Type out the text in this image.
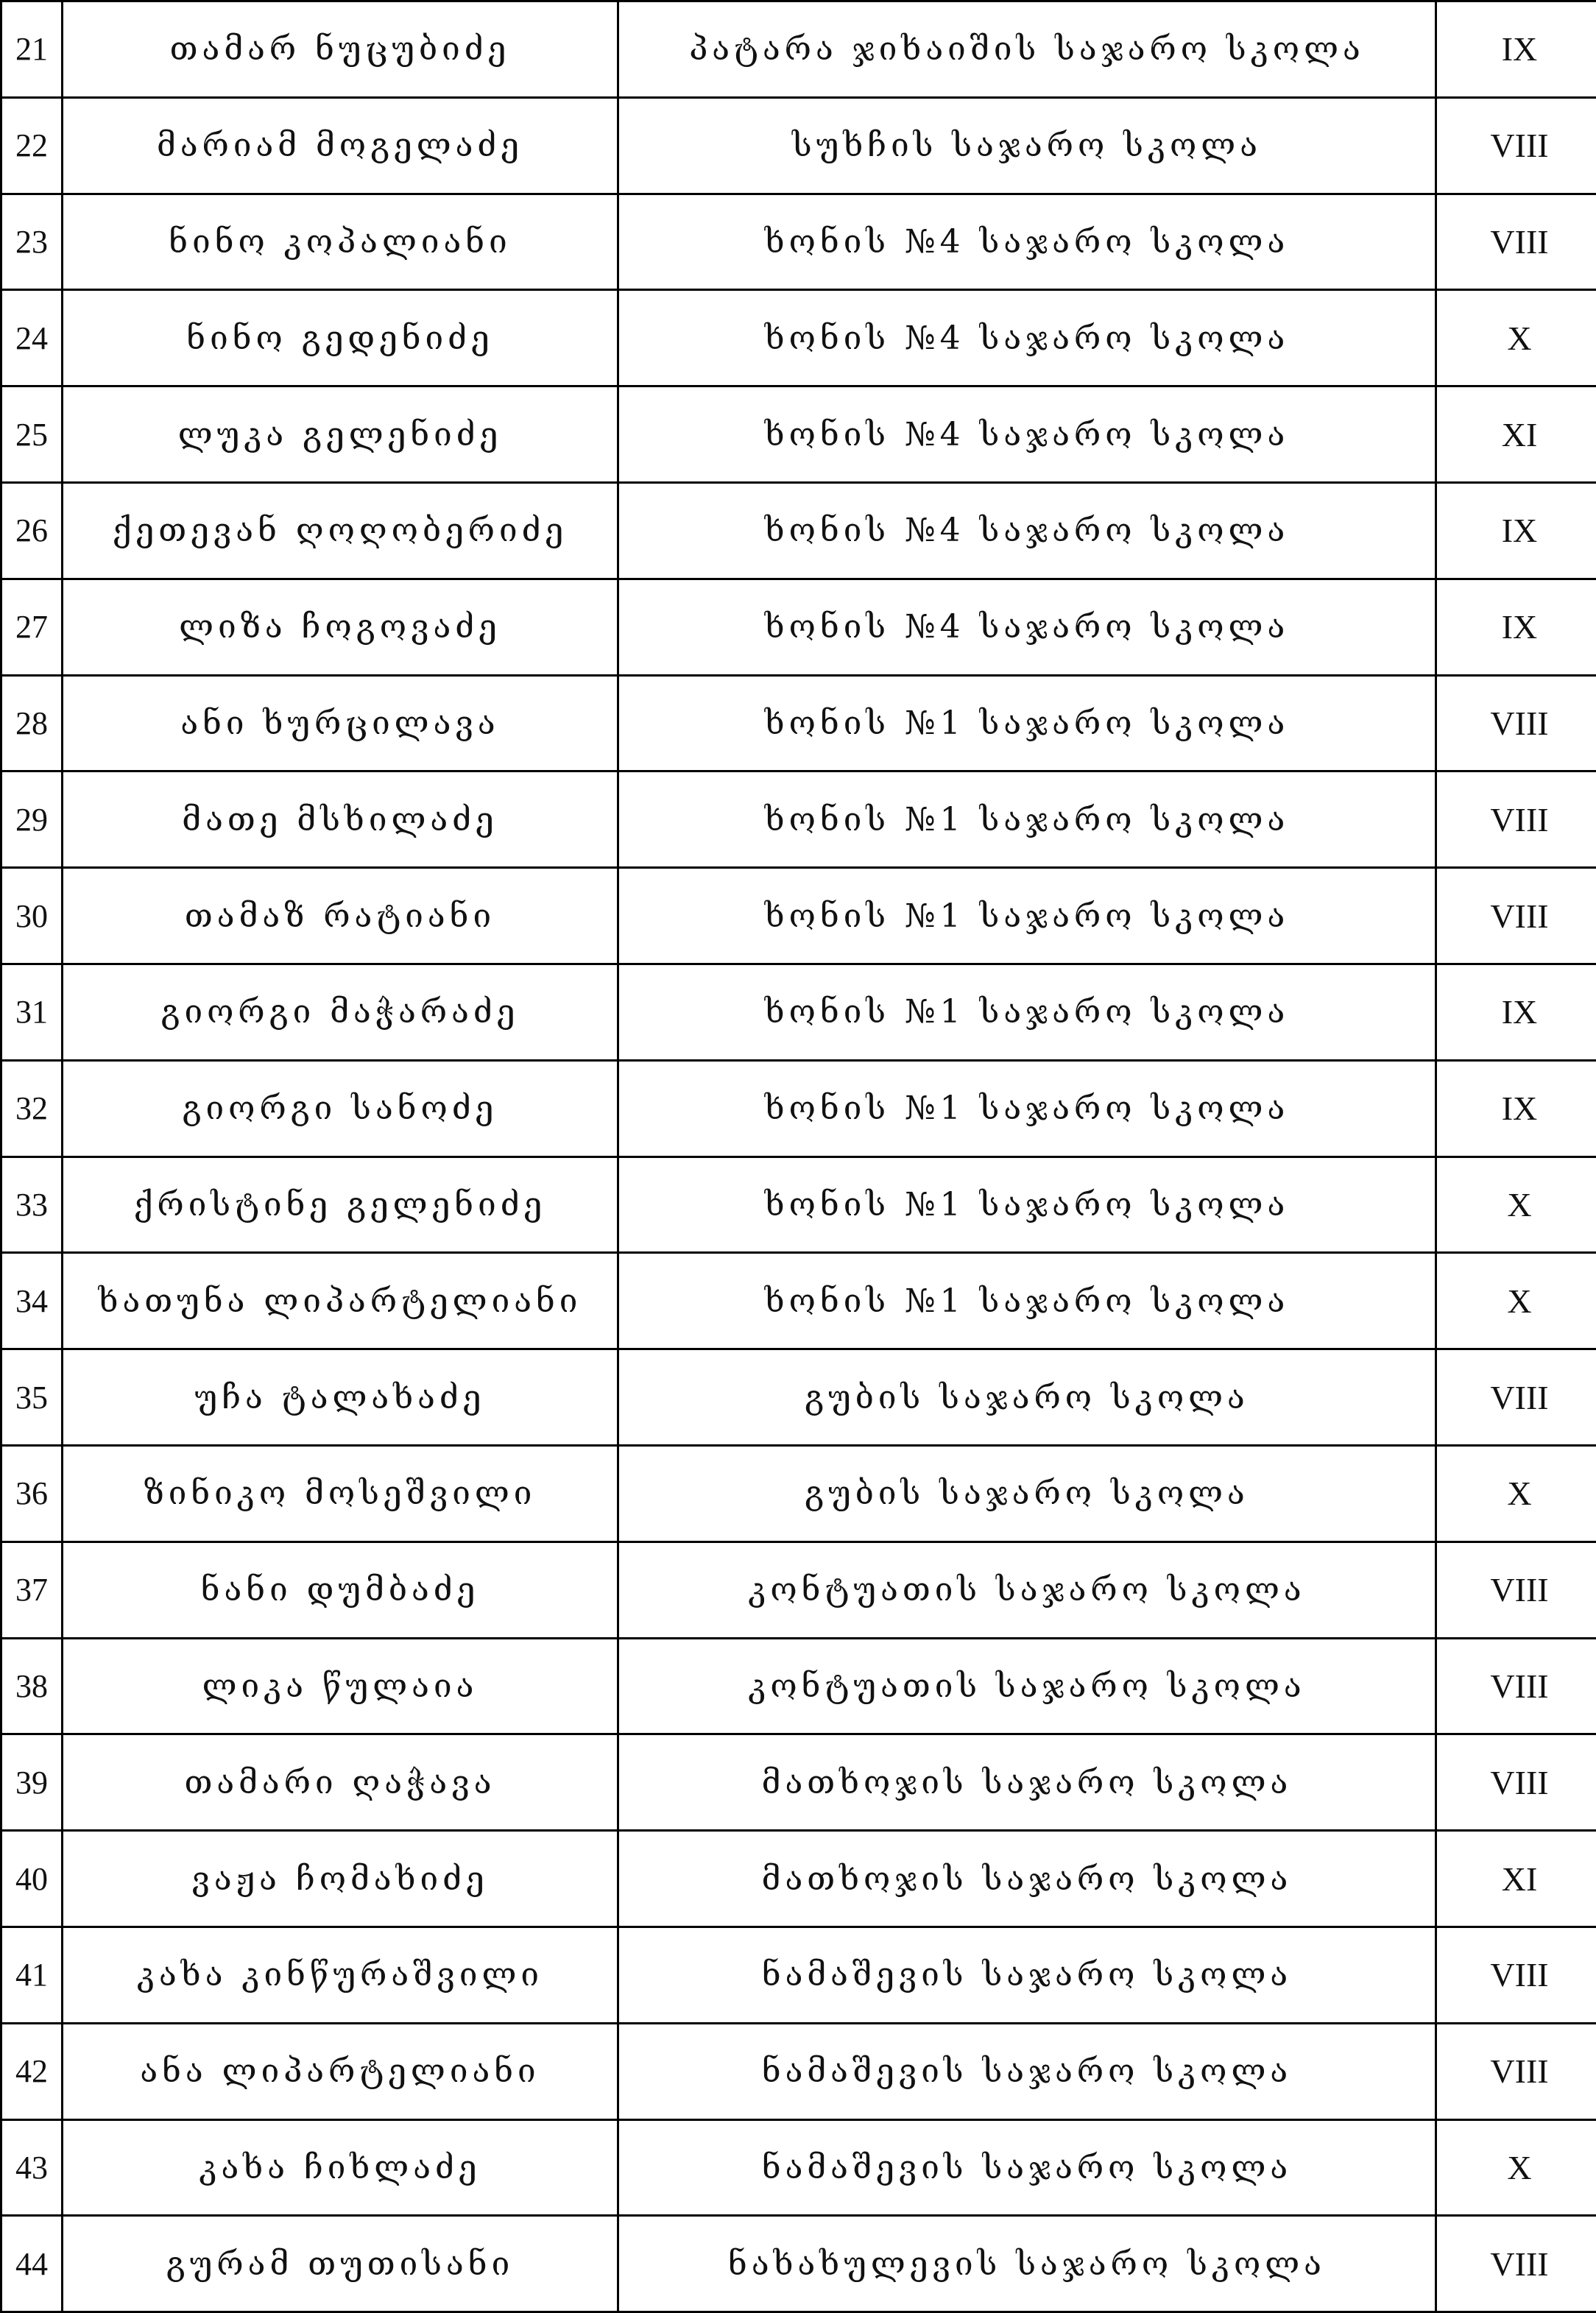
21	თამარ ნუცუბიძე	პატარა ჯიხაიშის საჯარო სკოლა	IX
22	მარიამ მოგელაძე	სუხჩის საჯარო სკოლა	VIII
23	ნინო კოპალიანი	ხონის №4 საჯარო სკოლა	VIII
24	ნინო გედენიძე	ხონის №4 საჯარო სკოლა	X
25	ლუკა გელენიძე	ხონის №4 საჯარო სკოლა	XI
26	ქეთევან ღოღობერიძე	ხონის №4 საჯარო სკოლა	IX
27	ლიზა ჩოგოვაძე	ხონის №4 საჯარო სკოლა	IX
28	ანი ხურცილავა	ხონის №1 საჯარო სკოლა	VIII
29	მათე მსხილაძე	ხონის №1 საჯარო სკოლა	VIII
30	თამაზ რატიანი	ხონის №1 საჯარო სკოლა	VIII
31	გიორგი მაჭარაძე	ხონის №1 საჯარო სკოლა	IX
32	გიორგი სანოძე	ხონის №1 საჯარო სკოლა	IX
33	ქრისტინე გელენიძე	ხონის №1 საჯარო სკოლა	X
34	ხათუნა ლიპარტელიანი	ხონის №1 საჯარო სკოლა	X
35	უჩა ტალახაძე	გუბის საჯარო სკოლა	VIII
36	ზინიკო მოსეშვილი	გუბის საჯარო სკოლა	X
37	ნანი დუმბაძე	კონტუათის საჯარო სკოლა	VIII
38	ლიკა წულაია	კონტუათის საჯარო სკოლა	VIII
39	თამარი ღაჭავა	მათხოჯის საჯარო სკოლა	VIII
40	ვაჟა ჩომახიძე	მათხოჯის საჯარო სკოლა	XI
41	კახა კინწურაშვილი	ნამაშევის საჯარო სკოლა	VIII
42	ანა ლიპარტელიანი	ნამაშევის საჯარო სკოლა	VIII
43	კახა ჩიხლაძე	ნამაშევის საჯარო სკოლა	X
44	გურამ თუთისანი	ნახახულევის საჯარო სკოლა	VIII
